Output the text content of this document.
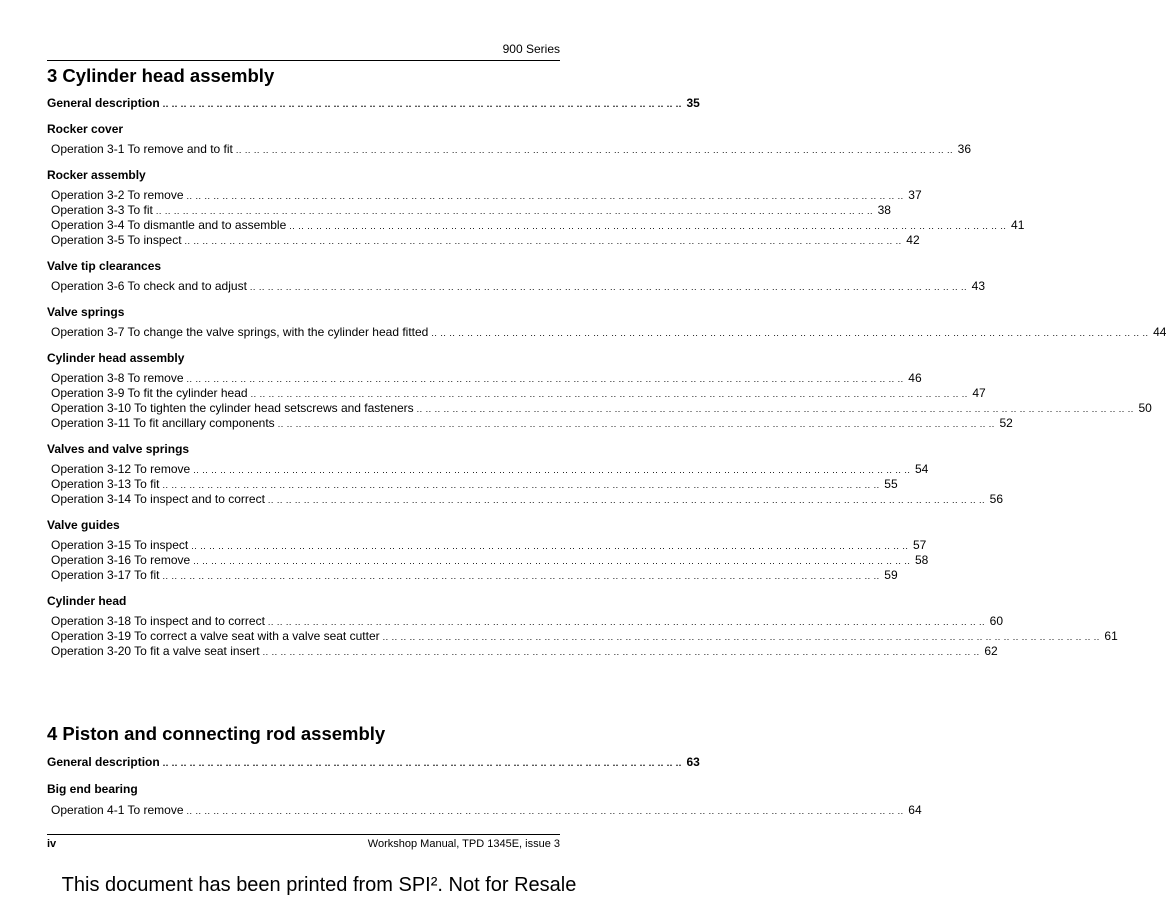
900 Series
3 Cylinder head assembly
General description .. .. .. .. .. .. .. .. .. .. .. .. .. .. .. .. .. .. .. .. .. .. .. .. .. .. .. .. .. .. .. .. .. .. .. .. .. .. .. .. .. .. .. .. .. .. .. .. .. .. .. .. .. .. .. .. .. .. 35
Rocker cover
Operation 3-1 To remove and to fit .. .. .. .. .. .. .. .. .. .. .. .. .. .. .. .. .. .. .. .. .. .. .. .. .. .. .. .. .. .. .. .. .. .. .. .. .. .. .. .. .. .. .. .. .. .. .. .. .. .. .. .. .. .. .. .. .. .. .. .. .. .. .. .. .. .. .. .. .. .. .. .. .. .. .. .. .. .. .. .. 36
Rocker assembly
Operation 3-2 To remove .. .. .. .. .. .. .. .. .. .. .. .. .. .. .. .. .. .. .. .. .. .. .. .. .. .. .. .. .. .. .. .. .. .. .. .. .. .. .. .. .. .. .. .. .. .. .. .. .. .. .. .. .. .. .. .. .. .. .. .. .. .. .. .. .. .. .. .. .. .. .. .. .. .. .. .. .. .. .. .. 37
Operation 3-3 To fit .. .. .. .. .. .. .. .. .. .. .. .. .. .. .. .. .. .. .. .. .. .. .. .. .. .. .. .. .. .. .. .. .. .. .. .. .. .. .. .. .. .. .. .. .. .. .. .. .. .. .. .. .. .. .. .. .. .. .. .. .. .. .. .. .. .. .. .. .. .. .. .. .. .. .. .. .. .. .. .. 38
Operation 3-4 To dismantle and to assemble .. .. .. .. .. .. .. .. .. .. .. .. .. .. .. .. .. .. .. .. .. .. .. .. .. .. .. .. .. .. .. .. .. .. .. .. .. .. .. .. .. .. .. .. .. .. .. .. .. .. .. .. .. .. .. .. .. .. .. .. .. .. .. .. .. .. .. .. .. .. .. .. .. .. .. .. .. .. .. .. 41
Operation 3-5 To inspect .. .. .. .. .. .. .. .. .. .. .. .. .. .. .. .. .. .. .. .. .. .. .. .. .. .. .. .. .. .. .. .. .. .. .. .. .. .. .. .. .. .. .. .. .. .. .. .. .. .. .. .. .. .. .. .. .. .. .. .. .. .. .. .. .. .. .. .. .. .. .. .. .. .. .. .. .. .. .. .. 42
Valve tip clearances
Operation 3-6 To check and to adjust .. .. .. .. .. .. .. .. .. .. .. .. .. .. .. .. .. .. .. .. .. .. .. .. .. .. .. .. .. .. .. .. .. .. .. .. .. .. .. .. .. .. .. .. .. .. .. .. .. .. .. .. .. .. .. .. .. .. .. .. .. .. .. .. .. .. .. .. .. .. .. .. .. .. .. .. .. .. .. .. 43
Valve springs
Operation 3-7 To change the valve springs, with the cylinder head fitted .. .. .. .. .. .. .. .. .. .. .. .. .. .. .. .. .. .. .. .. .. .. .. .. .. .. .. .. .. .. .. .. .. .. .. .. .. .. .. .. .. .. .. .. .. .. .. .. .. .. .. .. .. .. .. .. .. .. .. .. .. .. .. .. .. .. .. .. .. .. .. .. .. .. .. .. .. .. .. .. 44
Cylinder head assembly
Operation 3-8 To remove .. .. .. .. .. .. .. .. .. .. .. .. .. .. .. .. .. .. .. .. .. .. .. .. .. .. .. .. .. .. .. .. .. .. .. .. .. .. .. .. .. .. .. .. .. .. .. .. .. .. .. .. .. .. .. .. .. .. .. .. .. .. .. .. .. .. .. .. .. .. .. .. .. .. .. .. .. .. .. .. 46
Operation 3-9 To fit the cylinder head .. .. .. .. .. .. .. .. .. .. .. .. .. .. .. .. .. .. .. .. .. .. .. .. .. .. .. .. .. .. .. .. .. .. .. .. .. .. .. .. .. .. .. .. .. .. .. .. .. .. .. .. .. .. .. .. .. .. .. .. .. .. .. .. .. .. .. .. .. .. .. .. .. .. .. .. .. .. .. .. 47
Operation 3-10 To tighten the cylinder head setscrews and fasteners .. .. .. .. .. .. .. .. .. .. .. .. .. .. .. .. .. .. .. .. .. .. .. .. .. .. .. .. .. .. .. .. .. .. .. .. .. .. .. .. .. .. .. .. .. .. .. .. .. .. .. .. .. .. .. .. .. .. .. .. .. .. .. .. .. .. .. .. .. .. .. .. .. .. .. .. .. .. .. .. 50
Operation 3-11 To fit ancillary components .. .. .. .. .. .. .. .. .. .. .. .. .. .. .. .. .. .. .. .. .. .. .. .. .. .. .. .. .. .. .. .. .. .. .. .. .. .. .. .. .. .. .. .. .. .. .. .. .. .. .. .. .. .. .. .. .. .. .. .. .. .. .. .. .. .. .. .. .. .. .. .. .. .. .. .. .. .. .. .. 52
Valves and valve springs
Operation 3-12 To remove .. .. .. .. .. .. .. .. .. .. .. .. .. .. .. .. .. .. .. .. .. .. .. .. .. .. .. .. .. .. .. .. .. .. .. .. .. .. .. .. .. .. .. .. .. .. .. .. .. .. .. .. .. .. .. .. .. .. .. .. .. .. .. .. .. .. .. .. .. .. .. .. .. .. .. .. .. .. .. .. 54
Operation 3-13 To fit .. .. .. .. .. .. .. .. .. .. .. .. .. .. .. .. .. .. .. .. .. .. .. .. .. .. .. .. .. .. .. .. .. .. .. .. .. .. .. .. .. .. .. .. .. .. .. .. .. .. .. .. .. .. .. .. .. .. .. .. .. .. .. .. .. .. .. .. .. .. .. .. .. .. .. .. .. .. .. .. 55
Operation 3-14 To inspect and to correct .. .. .. .. .. .. .. .. .. .. .. .. .. .. .. .. .. .. .. .. .. .. .. .. .. .. .. .. .. .. .. .. .. .. .. .. .. .. .. .. .. .. .. .. .. .. .. .. .. .. .. .. .. .. .. .. .. .. .. .. .. .. .. .. .. .. .. .. .. .. .. .. .. .. .. .. .. .. .. .. 56
Valve guides
Operation 3-15 To inspect .. .. .. .. .. .. .. .. .. .. .. .. .. .. .. .. .. .. .. .. .. .. .. .. .. .. .. .. .. .. .. .. .. .. .. .. .. .. .. .. .. .. .. .. .. .. .. .. .. .. .. .. .. .. .. .. .. .. .. .. .. .. .. .. .. .. .. .. .. .. .. .. .. .. .. .. .. .. .. .. 57
Operation 3-16 To remove .. .. .. .. .. .. .. .. .. .. .. .. .. .. .. .. .. .. .. .. .. .. .. .. .. .. .. .. .. .. .. .. .. .. .. .. .. .. .. .. .. .. .. .. .. .. .. .. .. .. .. .. .. .. .. .. .. .. .. .. .. .. .. .. .. .. .. .. .. .. .. .. .. .. .. .. .. .. .. .. 58
Operation 3-17 To fit .. .. .. .. .. .. .. .. .. .. .. .. .. .. .. .. .. .. .. .. .. .. .. .. .. .. .. .. .. .. .. .. .. .. .. .. .. .. .. .. .. .. .. .. .. .. .. .. .. .. .. .. .. .. .. .. .. .. .. .. .. .. .. .. .. .. .. .. .. .. .. .. .. .. .. .. .. .. .. .. 59
Cylinder head
Operation 3-18 To inspect and to correct .. .. .. .. .. .. .. .. .. .. .. .. .. .. .. .. .. .. .. .. .. .. .. .. .. .. .. .. .. .. .. .. .. .. .. .. .. .. .. .. .. .. .. .. .. .. .. .. .. .. .. .. .. .. .. .. .. .. .. .. .. .. .. .. .. .. .. .. .. .. .. .. .. .. .. .. .. .. .. .. 60
Operation 3-19 To correct a valve seat with a valve seat cutter .. .. .. .. .. .. .. .. .. .. .. .. .. .. .. .. .. .. .. .. .. .. .. .. .. .. .. .. .. .. .. .. .. .. .. .. .. .. .. .. .. .. .. .. .. .. .. .. .. .. .. .. .. .. .. .. .. .. .. .. .. .. .. .. .. .. .. .. .. .. .. .. .. .. .. .. .. .. .. .. 61
Operation 3-20 To fit a valve seat insert .. .. .. .. .. .. .. .. .. .. .. .. .. .. .. .. .. .. .. .. .. .. .. .. .. .. .. .. .. .. .. .. .. .. .. .. .. .. .. .. .. .. .. .. .. .. .. .. .. .. .. .. .. .. .. .. .. .. .. .. .. .. .. .. .. .. .. .. .. .. .. .. .. .. .. .. .. .. .. .. 62
4 Piston and connecting rod assembly
General description .. .. .. .. .. .. .. .. .. .. .. .. .. .. .. .. .. .. .. .. .. .. .. .. .. .. .. .. .. .. .. .. .. .. .. .. .. .. .. .. .. .. .. .. .. .. .. .. .. .. .. .. .. .. .. .. .. .. 63
Big end bearing
Operation 4-1 To remove .. .. .. .. .. .. .. .. .. .. .. .. .. .. .. .. .. .. .. .. .. .. .. .. .. .. .. .. .. .. .. .. .. .. .. .. .. .. .. .. .. .. .. .. .. .. .. .. .. .. .. .. .. .. .. .. .. .. .. .. .. .. .. .. .. .. .. .. .. .. .. .. .. .. .. .. .. .. .. .. 64
iv	Workshop Manual, TPD 1345E, issue 3
This document has been printed from SPI². Not for Resale
